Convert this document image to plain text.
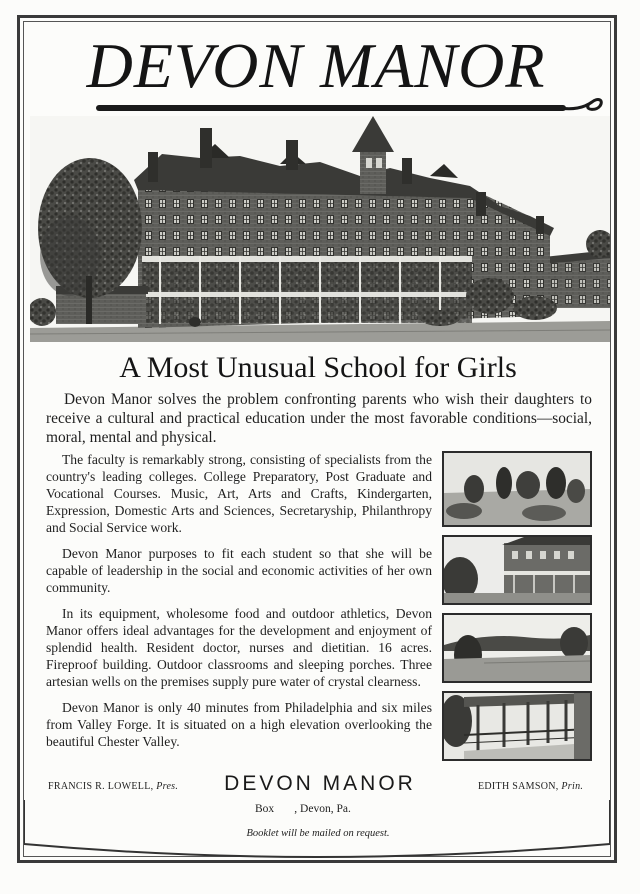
DEVON MANOR
A Most Unusual School for Girls
Devon Manor solves the problem confronting parents who wish their daughters to receive a cultural and practical education under the most favorable conditions—social, moral, mental and physical.

The faculty is remarkably strong, consisting of specialists from the country's leading colleges. College Preparatory, Post Graduate and Vocational Courses. Music, Art, Arts and Crafts, Kindergarten, Expression, Domestic Arts and Sciences, Secretaryship, Philanthropy and Social Service work.

Devon Manor purposes to fit each student so that she will be capable of leadership in the social and economic activities of her own community.

In its equipment, wholesome food and outdoor athletics, Devon Manor offers ideal advantages for the development and enjoyment of splendid health. Resident doctor, nurses and dietitian. 16 acres. Fireproof building. Outdoor classrooms and sleeping porches. Three artesian wells on the premises supply pure water of crystal clearness.

Devon Manor is only 40 minutes from Philadelphia and six miles from Valley Forge. It is situated on a high elevation overlooking the beautiful Chester Valley.

FRANCIS R. LOWELL, Pres.	DEVON MANOR	EDITH SAMSON, Prin.
Box , Devon, Pa.
Booklet will be mailed on request.
